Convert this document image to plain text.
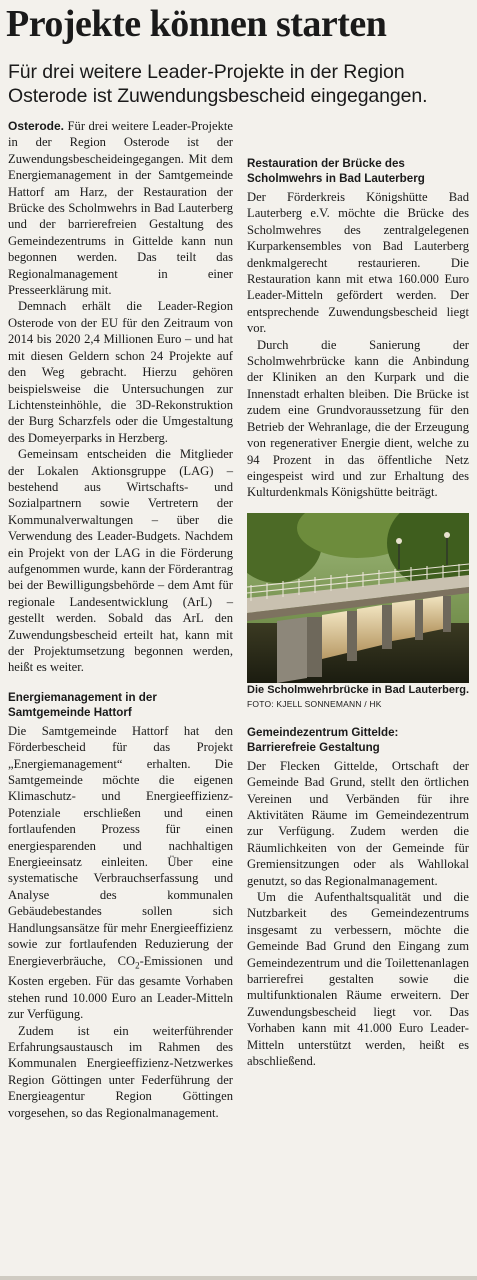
Projekte können starten
Für drei weitere Leader-Projekte in der Region Osterode ist Zuwendungsbescheid eingegangen.

Osterode. Für drei weitere Leader-Projekte in der Region Osterode ist der Zuwendungsbescheideingegangen. Mit dem Energiemanagement in der Samtgemeinde Hattorf am Harz, der Restauration der Brücke des Scholmwehrs in Bad Lauterberg und der barrierefreien Gestaltung des Gemeindezentrums in Gittelde kann nun begonnen werden. Das teilt das Regionalmanagement in einer Presseerklärung mit.

Demnach erhält die Leader-Region Osterode von der EU für den Zeitraum von 2014 bis 2020 2,4 Millionen Euro – und hat mit diesen Geldern schon 24 Projekte auf den Weg gebracht. Hierzu gehören beispielsweise die Untersuchungen zur Lichtensteinhöhle, die 3D-Rekonstruktion der Burg Scharzfels oder die Umgestaltung des Domeyerparks in Herzberg.

Gemeinsam entscheiden die Mitglieder der Lokalen Aktionsgruppe (LAG) – bestehend aus Wirtschafts- und Sozialpartnern sowie Vertretern der Kommunalverwaltungen – über die Verwendung des Leader-Budgets. Nachdem ein Projekt von der LAG in die Förderung aufgenommen wurde, kann der Förderantrag bei der Bewilligungsbehörde – dem Amt für regionale Landesentwicklung (ArL) – gestellt werden. Sobald das ArL den Zuwendungsbescheid erteilt hat, kann mit der Projektumsetzung begonnen werden, heißt es weiter.

Energiemanagement in der Samtgemeinde Hattorf

Die Samtgemeinde Hattorf hat den Förderbescheid für das Projekt „Energiemanagement“ erhalten. Die Samtgemeinde möchte die eigenen Klimaschutz- und Energieeffizienz-Potenziale erschließen und einen fortlaufenden Prozess für einen energiesparenden und nachhaltigen Energieeinsatz einleiten. Über eine systematische Verbrauchserfassung und Analyse des kommunalen Gebäudebestandes sollen sich Handlungsansätze für mehr Energieeffizienz sowie zur fortlaufenden Reduzierung der Energieverbräuche, $CO_2$-Emissionen und Kosten ergeben. Für das gesamte Vorhaben stehen rund 10.000 Euro an Leader-Mitteln zur Verfügung.

Zudem ist ein weiterführender Erfahrungsaustausch im Rahmen des Kommunalen Energieeffizienz-Netzwerkes Region Göttingen unter Federführung der Energieagentur Region Göttingen vorgesehen, so das Regionalmanagement.

Restauration der Brücke des Scholmwehrs in Bad Lauterberg

Der Förderkreis Königshütte Bad Lauterberg e.V. möchte die Brücke des Scholmwehres des zentralgelegenen Kurparkensembles von Bad Lauterberg denkmalgerecht restaurieren. Die Restauration kann mit etwa 160.000 Euro Leader-Mitteln gefördert werden. Der entsprechende Zuwendungsbescheid liegt vor.

Durch die Sanierung der Scholmwehrbrücke kann die Anbindung der Kliniken an den Kurpark und die Innenstadt erhalten bleiben. Die Brücke ist zudem eine Grundvoraussetzung für den Betrieb der Wehranlage, die der Erzeugung von regenerativer Energie dient, welche zu 94 Prozent in das öffentliche Netz eingespeist wird und zur Erhaltung des Kulturdenkmals Königshütte beiträgt.

Die Scholmwehrbrücke in Bad Lauterberg. FOTO: KJELL SONNEMANN / HK

Gemeindezentrum Gittelde: Barrierefreie Gestaltung

Der Flecken Gittelde, Ortschaft der Gemeinde Bad Grund, stellt den örtlichen Vereinen und Verbänden für ihre Aktivitäten Räume im Gemeindezentrum zur Verfügung. Zudem werden die Räumlichkeiten von der Gemeinde für Gremiensitzungen oder als Wahllokal genutzt, so das Regionalmanagement.

Um die Aufenthaltsqualität und die Nutzbarkeit des Gemeindezentrums insgesamt zu verbessern, möchte die Gemeinde Bad Grund den Eingang zum Gemeindezentrum und die Toilettenanlagen barrierefrei gestalten sowie die multifunktionalen Räume erweitern. Der Zuwendungsbescheid liegt vor. Das Vorhaben kann mit 41.000 Euro Leader-Mitteln unterstützt werden, heißt es abschließend.
